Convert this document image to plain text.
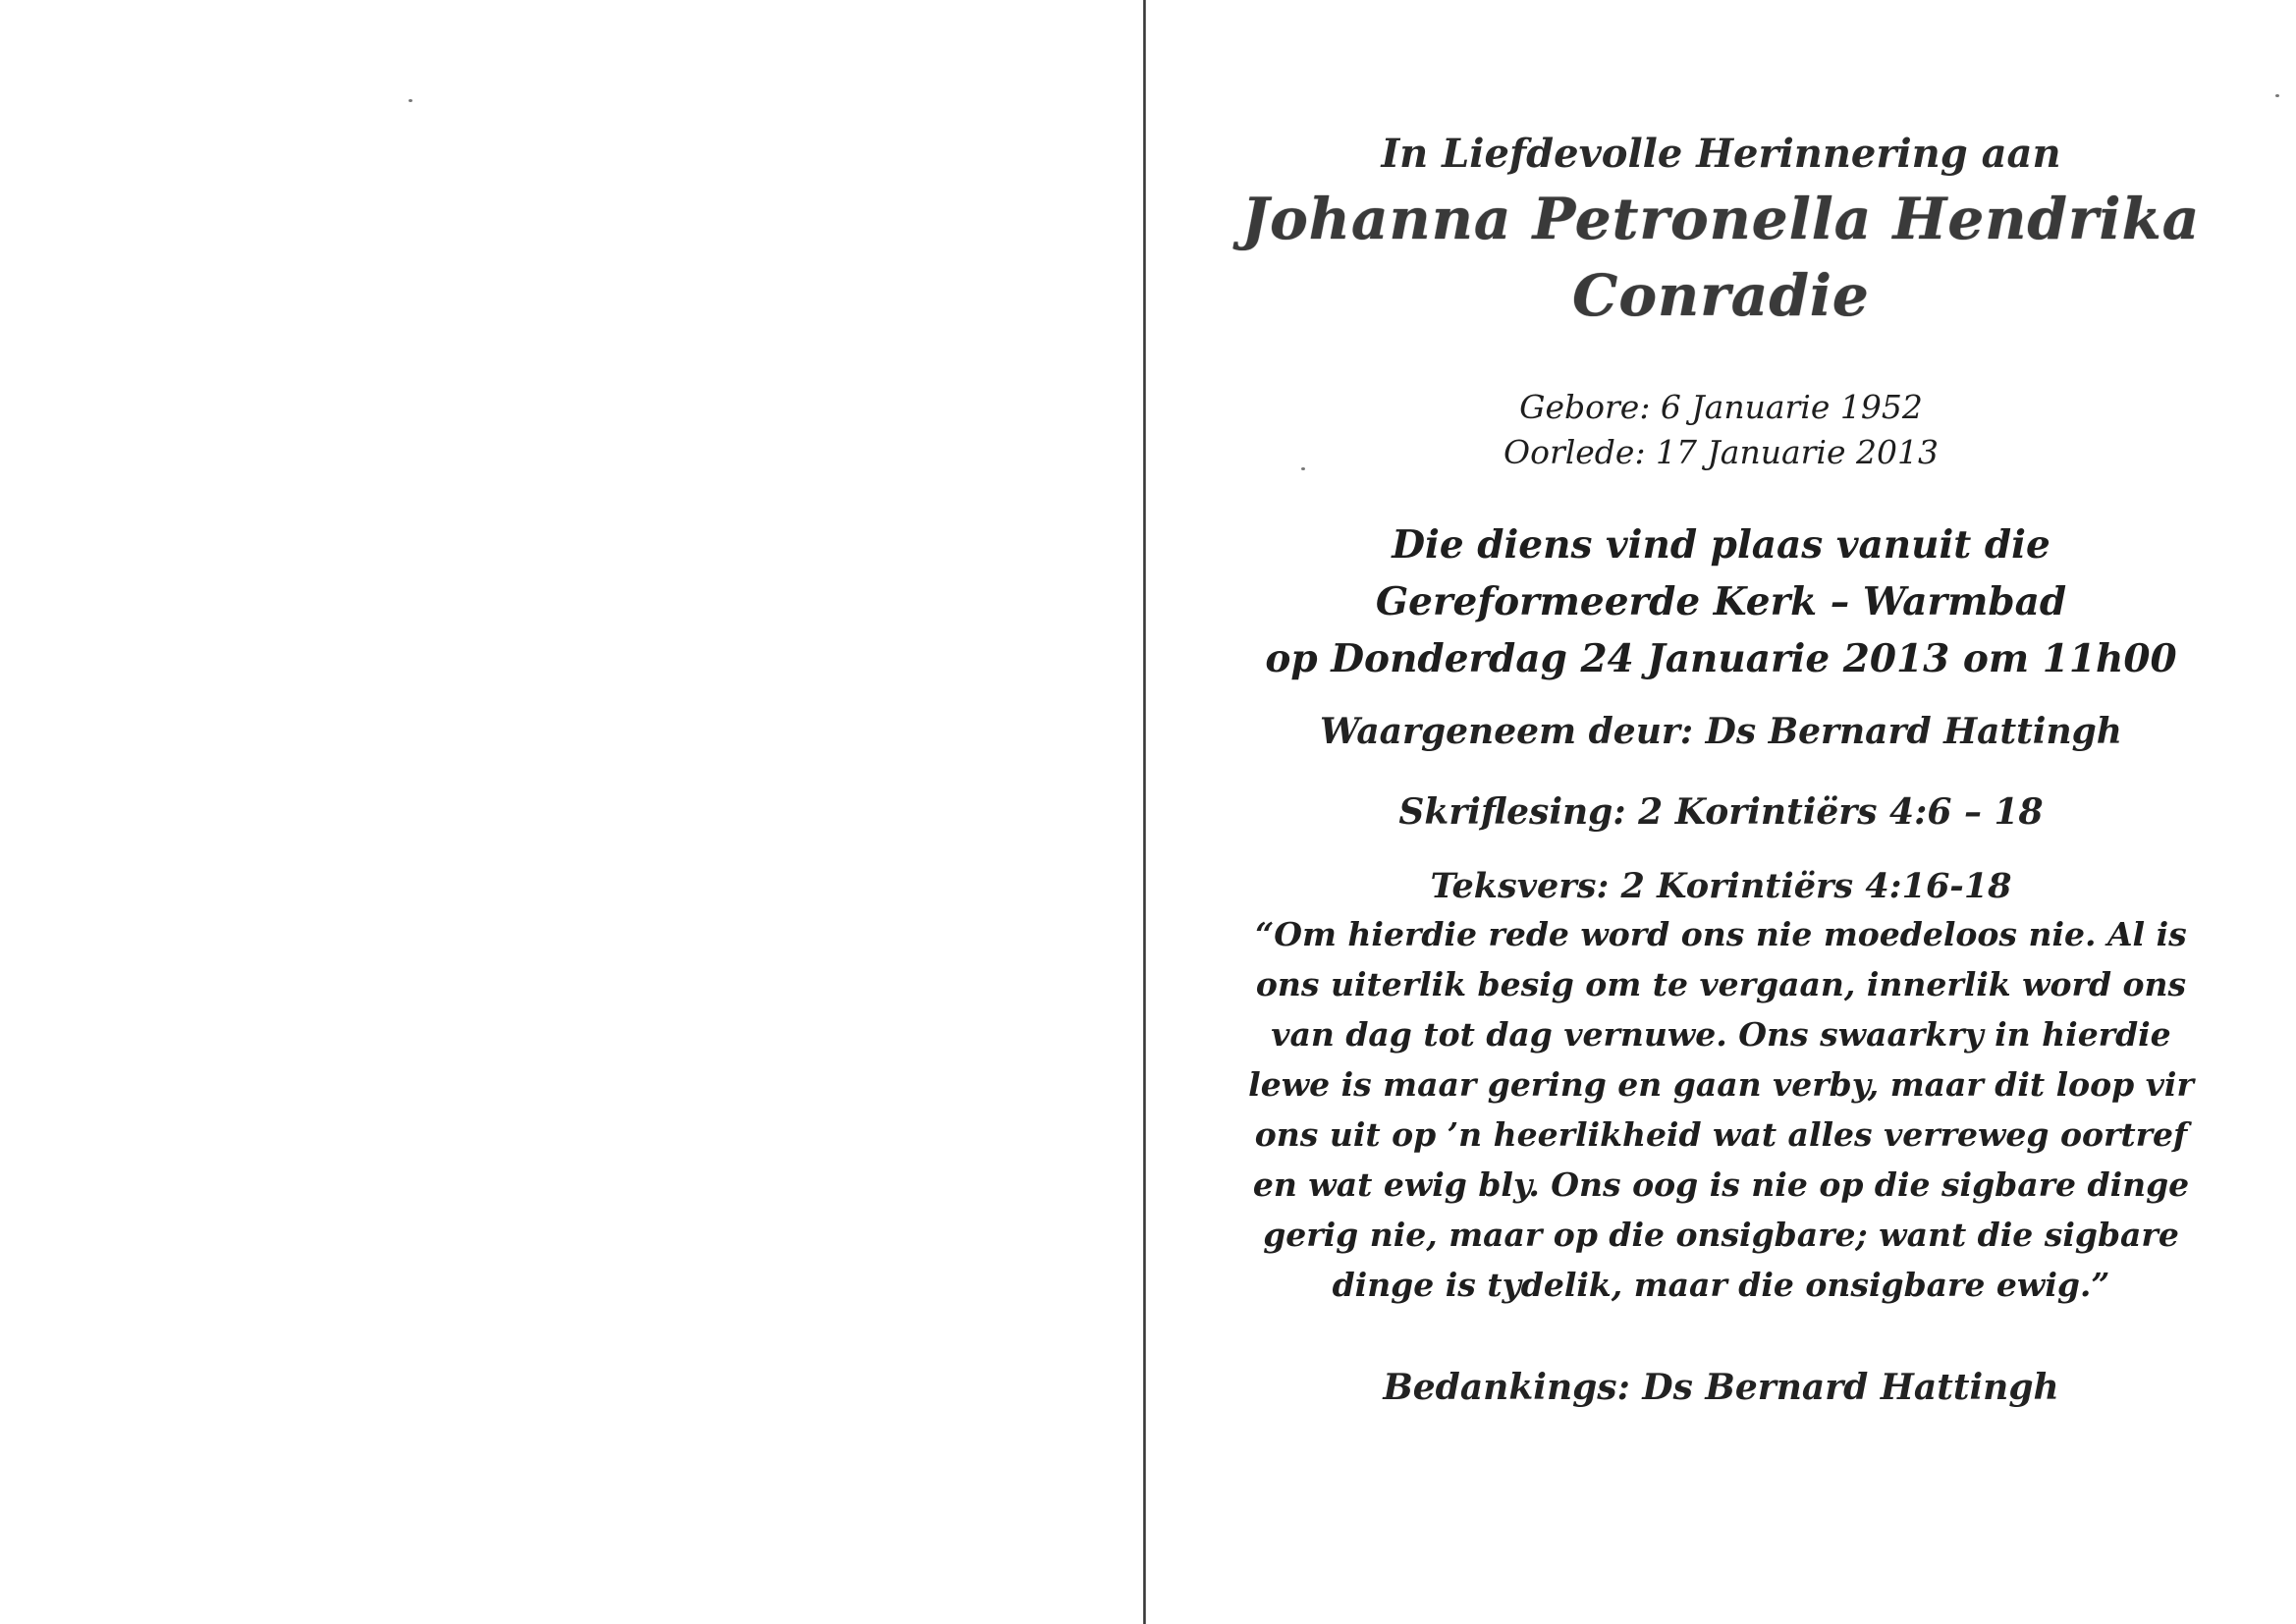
In Liefdevolle Herinnering aan

Johanna Petronella Hendrika

Conradie

Gebore: 6 Januarie 1952

Oorlede: 17 Januarie 2013

Die diens vind plaas vanuit die

Gereformeerde Kerk – Warmbad

op Donderdag 24 Januarie 2013 om 11h00

Waargeneem deur: Ds Bernard Hattingh

Skriflesing: 2 Korintiërs 4:6 – 18

Teksvers: 2 Korintiërs 4:16-18

“Om hierdie rede word ons nie moedeloos nie. Al is

ons uiterlik besig om te vergaan, innerlik word ons

van dag tot dag vernuwe. Ons swaarkry in hierdie

lewe is maar gering en gaan verby, maar dit loop vir

ons uit op ’n heerlikheid wat alles verreweg oortref

en wat ewig bly. Ons oog is nie op die sigbare dinge

gerig nie, maar op die onsigbare; want die sigbare

dinge is tydelik, maar die onsigbare ewig.”

Bedankings: Ds Bernard Hattingh
